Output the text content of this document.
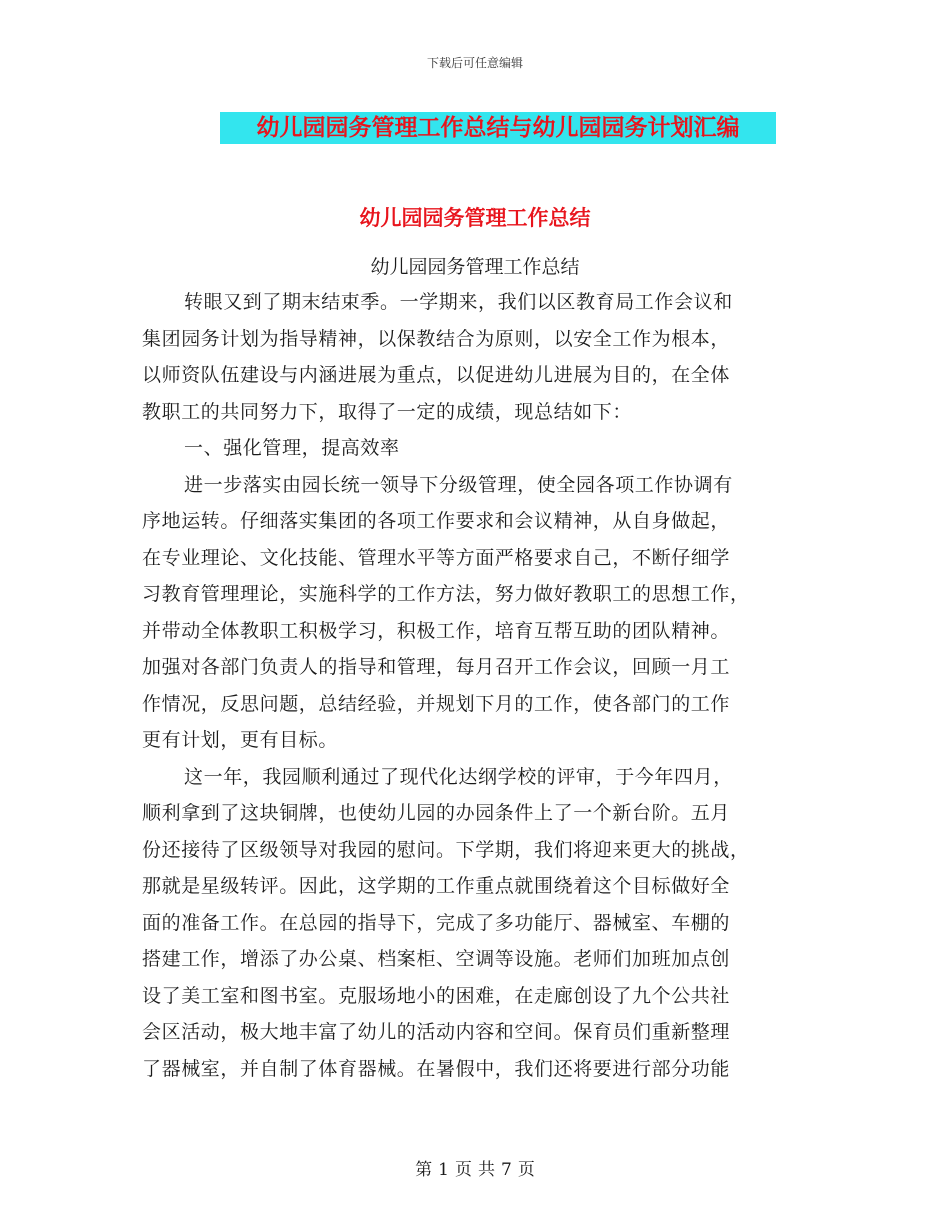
下载后可任意编辑
幼儿园园务管理工作总结与幼儿园园务计划汇编
幼儿园园务管理工作总结
幼儿园园务管理工作总结
转眼又到了期末结束季。一学期来，我们以区教育局工作会议和
集团园务计划为指导精神，以保教结合为原则，以安全工作为根本，
以师资队伍建设与内涵进展为重点，以促进幼儿进展为目的，在全体
教职工的共同努力下，取得了一定的成绩，现总结如下：
一、强化管理，提高效率
进一步落实由园长统一领导下分级管理，使全园各项工作协调有
序地运转。仔细落实集团的各项工作要求和会议精神，从自身做起，
在专业理论、文化技能、管理水平等方面严格要求自己，不断仔细学
习教育管理理论，实施科学的工作方法，努力做好教职工的思想工作，
并带动全体教职工积极学习，积极工作，培育互帮互助的团队精神。
加强对各部门负责人的指导和管理，每月召开工作会议，回顾一月工
作情况，反思问题，总结经验，并规划下月的工作，使各部门的工作
更有计划，更有目标。
这一年，我园顺利通过了现代化达纲学校的评审，于今年四月，
顺利拿到了这块铜牌，也使幼儿园的办园条件上了一个新台阶。五月
份还接待了区级领导对我园的慰问。下学期，我们将迎来更大的挑战，
那就是星级转评。因此，这学期的工作重点就围绕着这个目标做好全
面的准备工作。在总园的指导下，完成了多功能厅、器械室、车棚的
搭建工作，增添了办公桌、档案柜、空调等设施。老师们加班加点创
设了美工室和图书室。克服场地小的困难，在走廊创设了九个公共社
会区活动，极大地丰富了幼儿的活动内容和空间。保育员们重新整理
了器械室，并自制了体育器械。在暑假中，我们还将要进行部分功能
第 1 页 共 7 页
